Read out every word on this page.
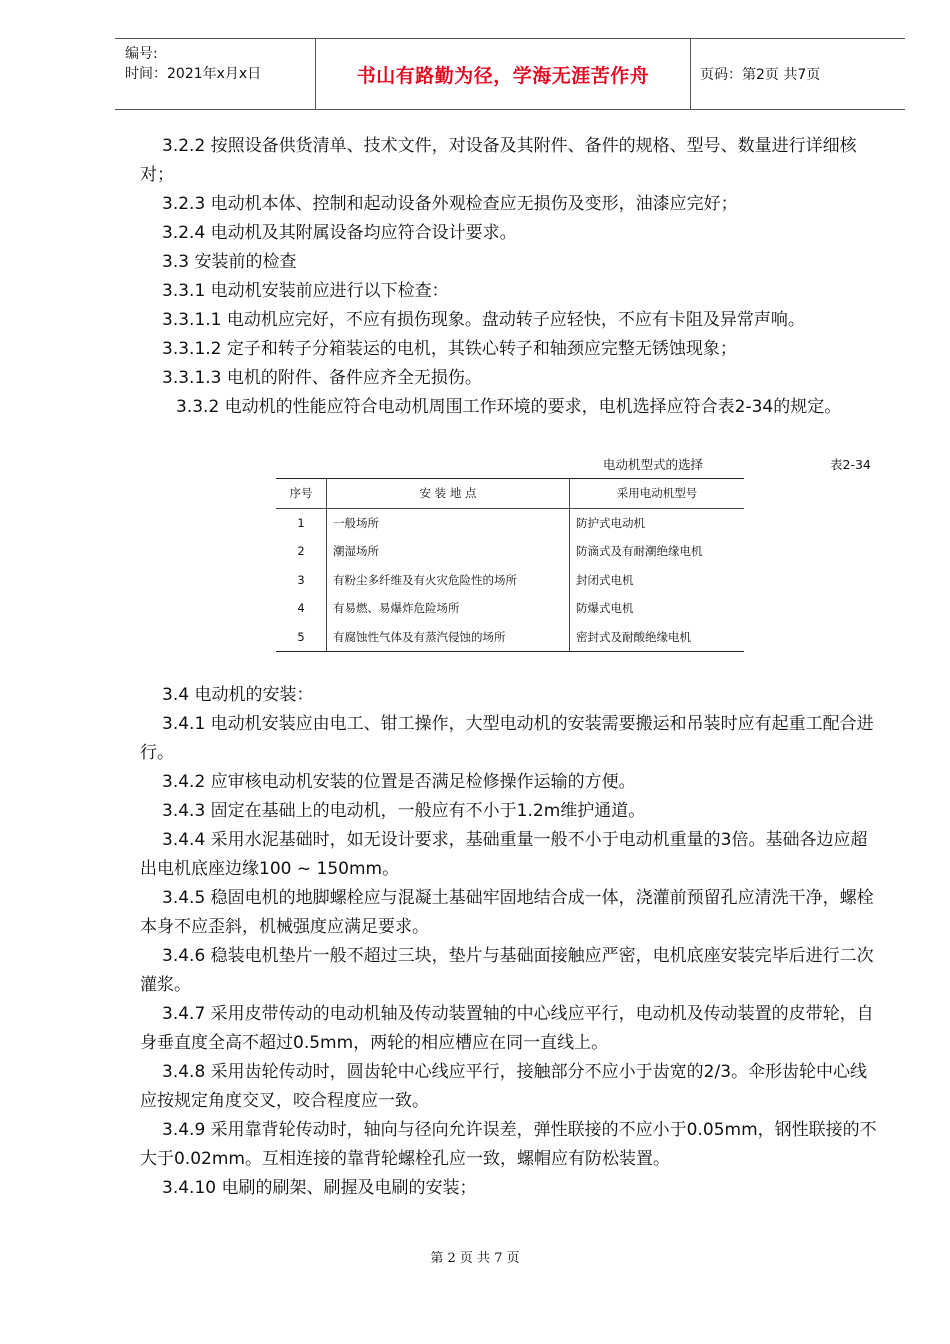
编号:
时间：2021年x月x日	书山有路勤为径，学海无涯苦作舟	页码：第2页 共7页

3.2.2 按照设备供货清单、技术文件，对设备及其附件、备件的规格、型号、数量进行详细核对；

3.2.3 电动机本体、控制和起动设备外观检查应无损伤及变形，油漆应完好；

3.2.4 电动机及其附属设备均应符合设计要求。

3.3 安装前的检查

3.3.1 电动机安装前应进行以下检查：

3.3.1.1 电动机应完好，不应有损伤现象。盘动转子应轻快，不应有卡阻及异常声响。

3.3.1.2 定子和转子分箱装运的电机，其铁心转子和轴颈应完整无锈蚀现象；

3.3.1.3 电机的附件、备件应齐全无损伤。

3.3.2 电动机的性能应符合电动机周围工作环境的要求，电机选择应符合表2-34的规定。

电动机型式的选择	表2-34
序号	安 装 地 点	采用电动机型号
1	一般场所	防护式电动机
2	潮湿场所	防滴式及有耐潮绝缘电机
3	有粉尘多纤维及有火灾危险性的场所	封闭式电机
4	有易燃、易爆炸危险场所	防爆式电机
5	有腐蚀性气体及有蒸汽侵蚀的场所	密封式及耐酸绝缘电机

3.4 电动机的安装：

3.4.1 电动机安装应由电工、钳工操作，大型电动机的安装需要搬运和吊装时应有起重工配合进行。

3.4.2 应审核电动机安装的位置是否满足检修操作运输的方便。

3.4.3 固定在基础上的电动机，一般应有不小于1.2m维护通道。

3.4.4 采用水泥基础时，如无设计要求，基础重量一般不小于电动机重量的3倍。基础各边应超出电机底座边缘100 ~ 150mm。

3.4.5 稳固电机的地脚螺栓应与混凝土基础牢固地结合成一体，浇灌前预留孔应清洗干净，螺栓本身不应歪斜，机械强度应满足要求。

3.4.6 稳装电机垫片一般不超过三块，垫片与基础面接触应严密，电机底座安装完毕后进行二次灌浆。

3.4.7 采用皮带传动的电动机轴及传动装置轴的中心线应平行，电动机及传动装置的皮带轮，自身垂直度全高不超过0.5mm，两轮的相应槽应在同一直线上。

3.4.8 采用齿轮传动时，圆齿轮中心线应平行，接触部分不应小于齿宽的2/3。伞形齿轮中心线应按规定角度交叉，咬合程度应一致。

3.4.9 采用靠背轮传动时，轴向与径向允许误差，弹性联接的不应小于0.05mm，钢性联接的不大于0.02mm。互相连接的靠背轮螺栓孔应一致，螺帽应有防松装置。

3.4.10 电刷的刷架、刷握及电刷的安装；

第 2 页 共 7 页
